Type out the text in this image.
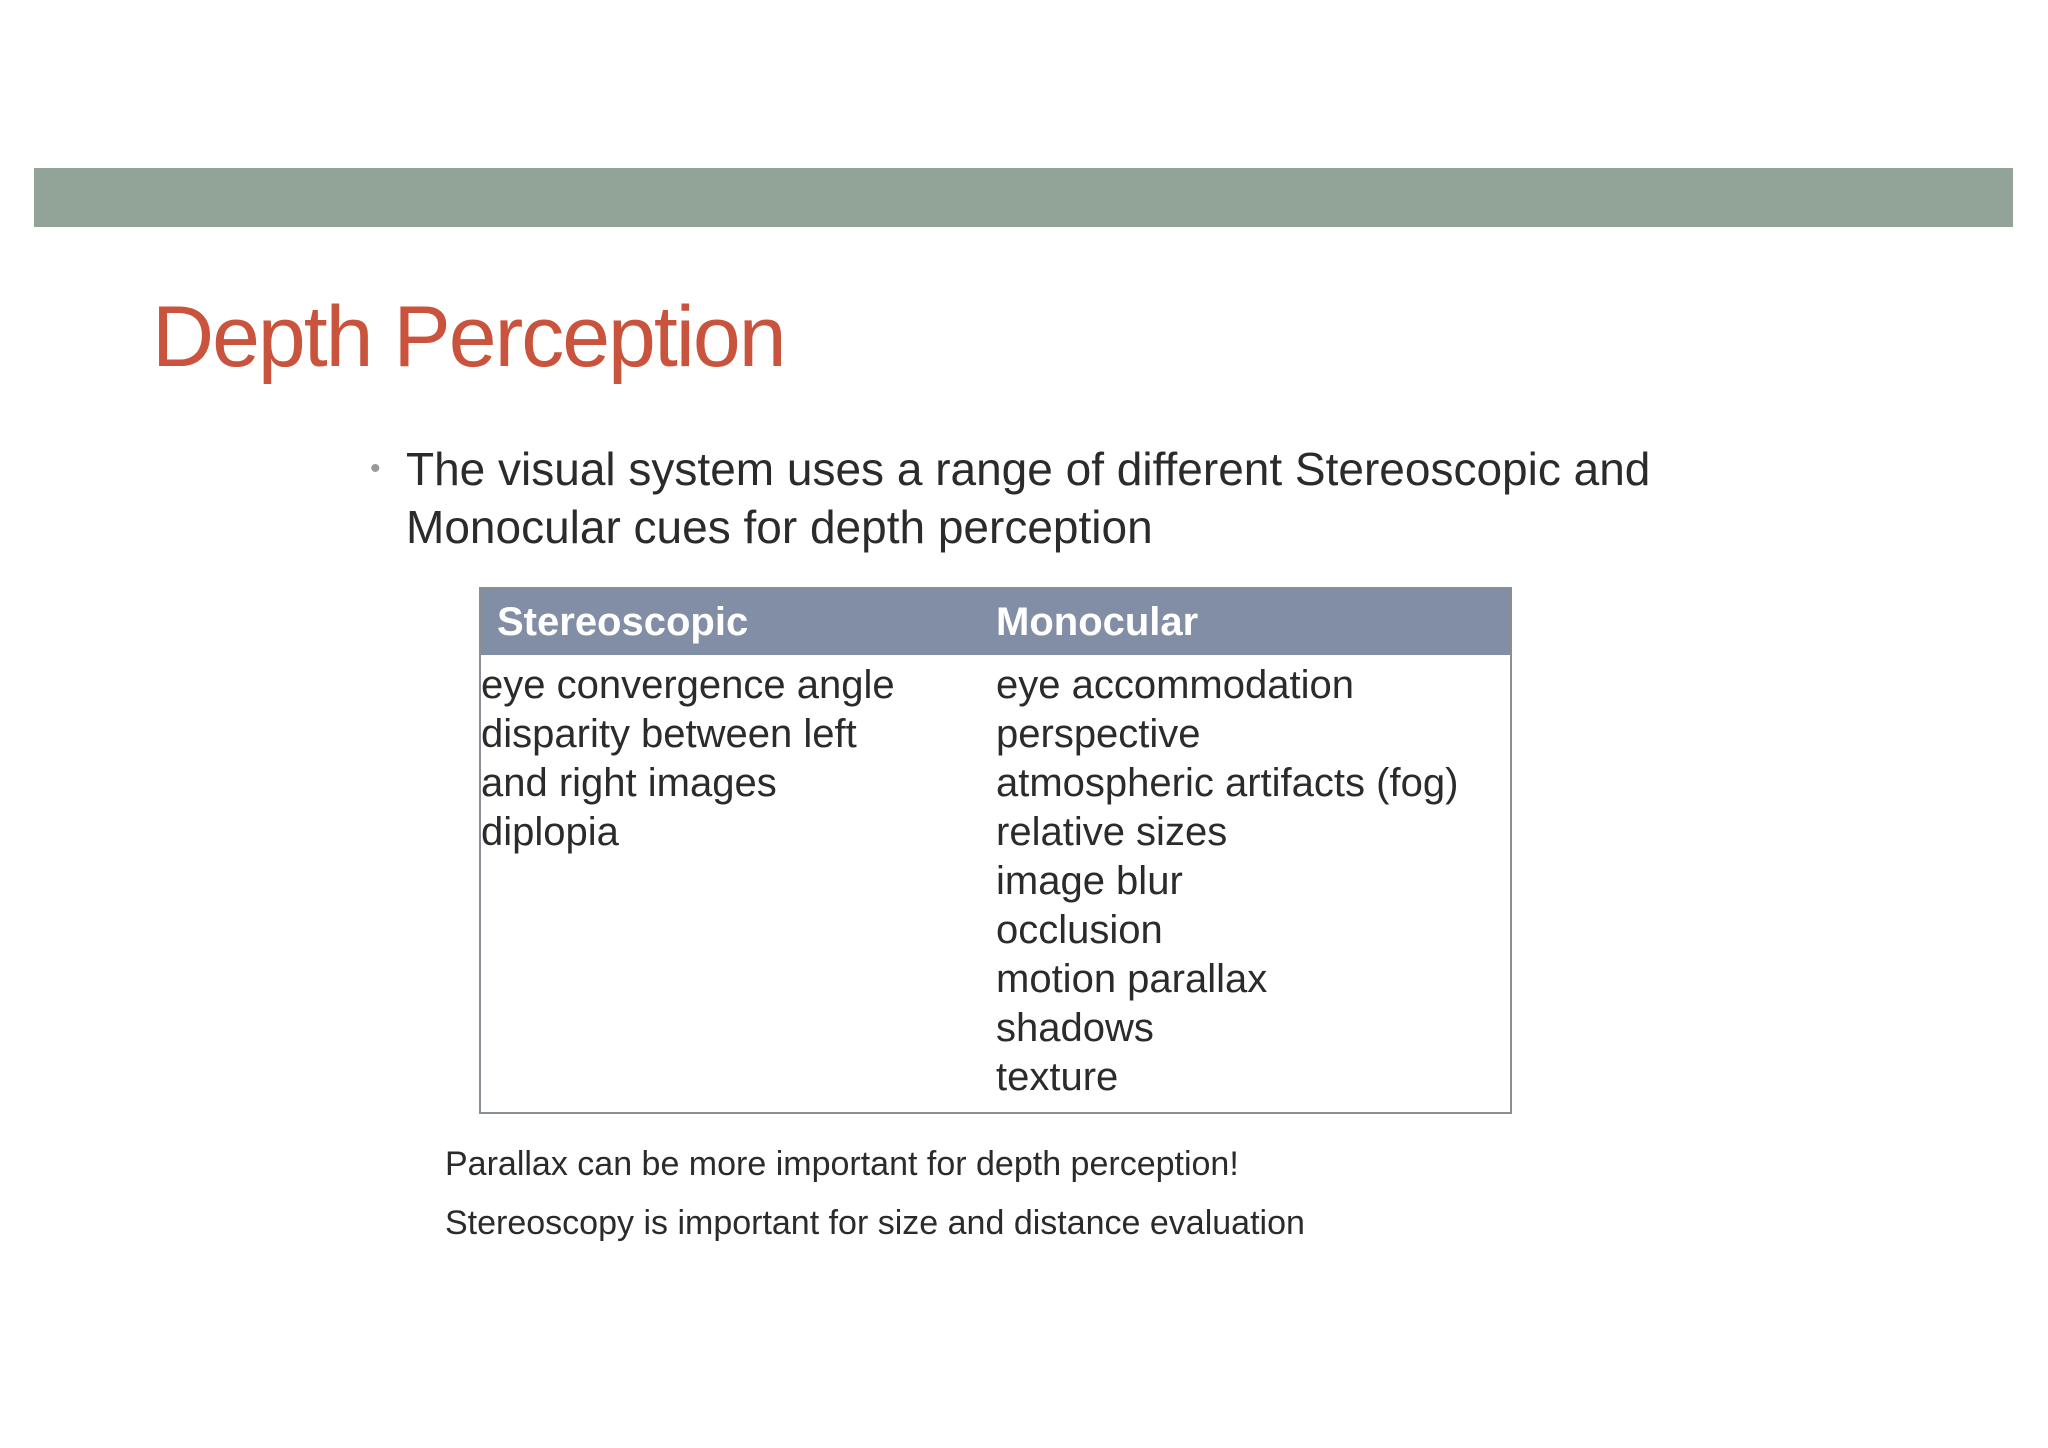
Depth Perception
• The visual system uses a range of different Stereoscopic and Monocular cues for depth perception
Stereoscopic	Monocular
eye convergence angle
disparity between left
and right images
diplopia
eye accommodation
perspective
atmospheric artifacts (fog)
relative sizes
image blur
occlusion
motion parallax
shadows
texture

Parallax can be more important for depth perception!

Stereoscopy is important for size and distance evaluation
